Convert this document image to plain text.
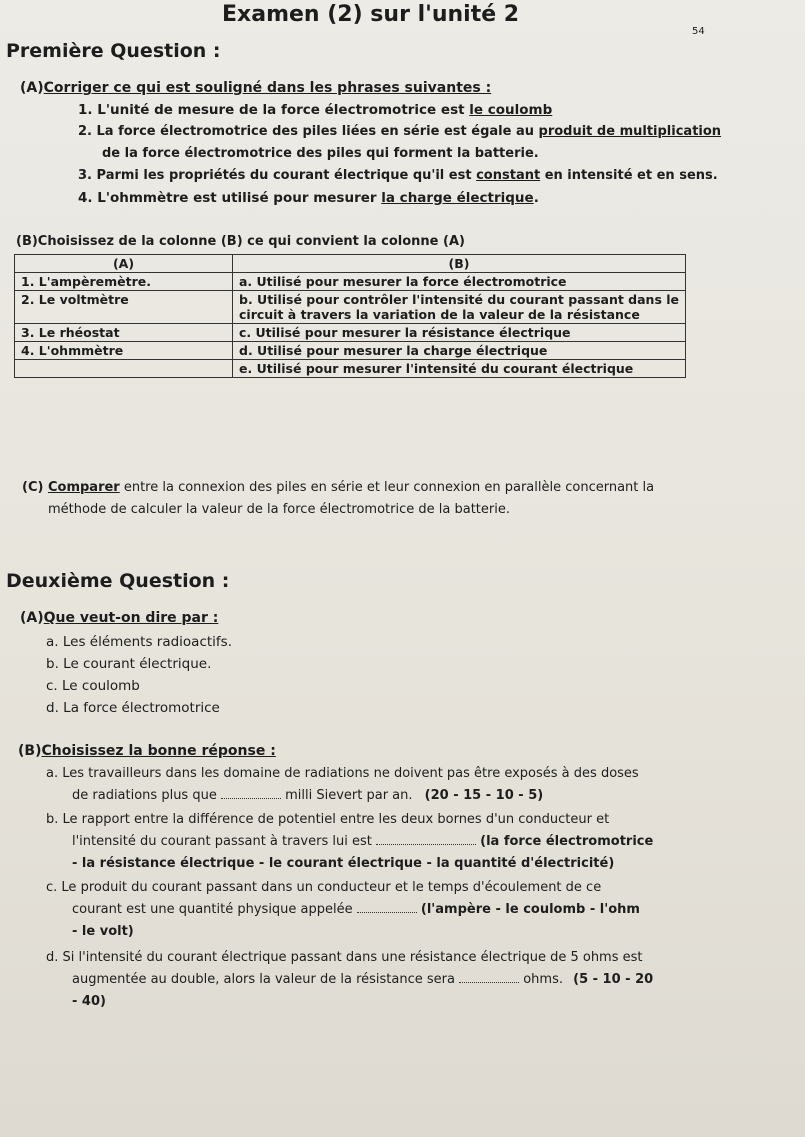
Examen (2) sur l'unité 2
54
Première Question :
(A)Corriger ce qui est souligné dans les phrases suivantes :
1. L'unité de mesure de la force électromotrice est le coulomb
2. La force électromotrice des piles liées en série est égale au produit de multiplication
de la force électromotrice des piles qui forment la batterie.
3. Parmi les propriétés du courant électrique qu'il est constant en intensité et en sens.
4. L'ohmmètre est utilisé pour mesurer la charge électrique.
(B)Choisissez de la colonne (B) ce qui convient la colonne (A)
(A)	(B)
1. L'ampèremètre.	a. Utilisé pour mesurer la force électromotrice
2. Le voltmètre	b. Utilisé pour contrôler l'intensité du courant passant dans le circuit à travers la variation de la valeur de la résistance
3. Le rhéostat	c. Utilisé pour mesurer la résistance électrique
4. L'ohmmètre	d. Utilisé pour mesurer la charge électrique
	e. Utilisé pour mesurer l'intensité du courant électrique
(C) Comparer entre la connexion des piles en série et leur connexion en parallèle concernant la
méthode de calculer la valeur de la force électromotrice de la batterie.
Deuxième Question :
(A)Que veut-on dire par :
a. Les éléments radioactifs.
b. Le courant électrique.
c. Le coulomb
d. La force électromotrice
(B)Choisissez la bonne réponse :
a. Les travailleurs dans les domaine de radiations ne doivent pas être exposés à des doses
de radiations plus que	milli Sievert par an. (20 - 15 - 10 - 5)
b. Le rapport entre la différence de potentiel entre les deux bornes d'un conducteur et
l'intensité du courant passant à travers lui est	(la force électromotrice
- la résistance électrique - le courant électrique - la quantité d'électricité)
c. Le produit du courant passant dans un conducteur et le temps d'écoulement de ce
courant est une quantité physique appelée	(l'ampère - le coulomb - l'ohm
- le volt)
d. Si l'intensité du courant électrique passant dans une résistance électrique de 5 ohms est
augmentée au double, alors la valeur de la résistance sera	ohms. (5 - 10 - 20
- 40)
